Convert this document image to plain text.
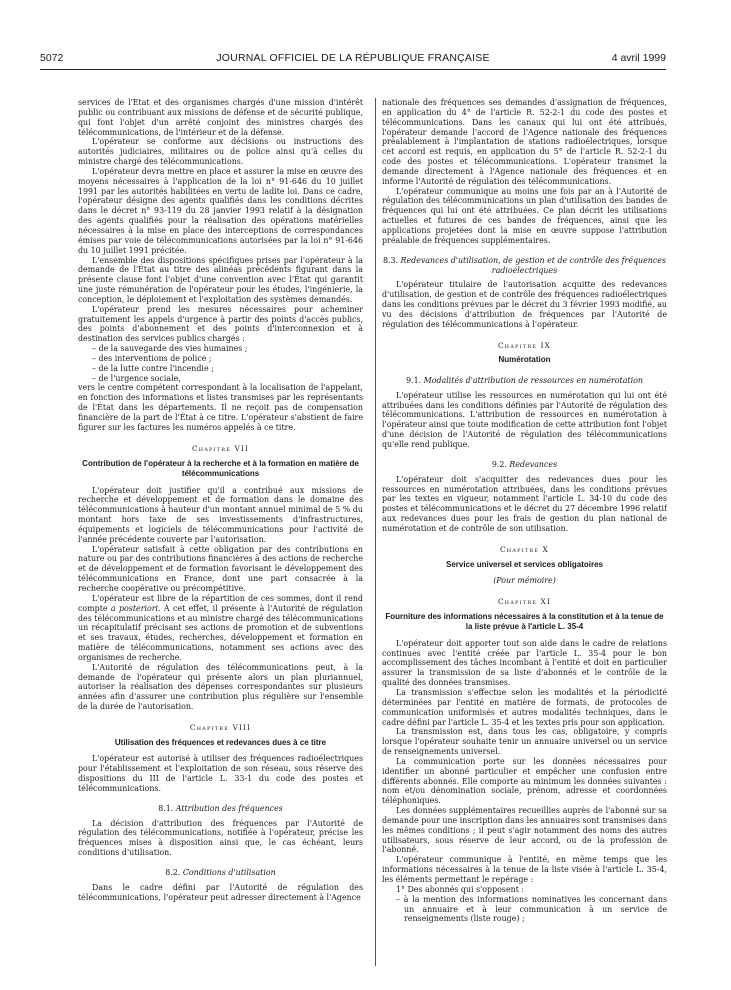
5072	JOURNAL OFFICIEL DE LA RÉPUBLIQUE FRANÇAISE	4 avril 1999

services de l'État et des organismes chargés d'une mission d'intérêt public ou contribuant aux missions de défense et de sécurité publique, qui font l'objet d'un arrêté conjoint des ministres chargés des télécommunications, de l'intérieur et de la défense.

L'opérateur se conforme aux décisions ou instructions des autorités judiciaires, militaires ou de police ainsi qu'à celles du ministre chargé des télécommunications.

L'opérateur devra mettre en place et assurer la mise en œuvre des moyens nécessaires à l'application de la loi n° 91-646 du 10 juillet 1991 par les autorités habilitées en vertu de ladite loi. Dans ce cadre, l'opérateur désigne des agents qualifiés dans les conditions décrites dans le décret n° 93-119 du 28 janvier 1993 relatif à la désignation des agents qualifiés pour la réalisation des opérations matérielles nécessaires à la mise en place des interceptions de correspondances émises par voie de télécommunications autorisées par la loi n° 91-646 du 10 juillet 1991 précitée.

L'ensemble des dispositions spécifiques prises par l'opérateur à la demande de l'État au titre des alinéas précédents figurant dans la présente clause font l'objet d'une convention avec l'État qui garantit une juste rémunération de l'opérateur pour les études, l'ingénierie, la conception, le déploiement et l'exploitation des systèmes demandés.

L'opérateur prend les mesures nécessaires pour acheminer gratuitement les appels d'urgence à partir des points d'accès publics, des points d'abonnement et des points d'interconnexion et à destination des services publics chargés :

– de la sauvegarde des vies humaines ;
– des interventions de police ;
– de la lutte contre l'incendie ;
– de l'urgence sociale,

vers le centre compétent correspondant à la localisation de l'appelant, en fonction des informations et listes transmises par les représentants de l'État dans les départements. Il ne reçoit pas de compensation financière de la part de l'État à ce titre. L'opérateur s'abstient de faire figurer sur les factures les numéros appelés à ce titre.

Chapitre VII
Contribution de l'opérateur à la recherche et à la formation en matière de télécommunications

L'opérateur doit justifier qu'il a contribué aux missions de recherche et développement et de formation dans le domaine des télécommunications à hauteur d'un montant annuel minimal de 5 % du montant hors taxe de ses investissements d'infrastructures, équipements et logiciels de télécommunications pour l'activité de l'année précédente couverte par l'autorisation.

L'opérateur satisfait à cette obligation par des contributions en nature ou par des contributions financières à des actions de recherche et de développement et de formation favorisant le développement des télécommunications en France, dont une part consacrée à la recherche coopérative ou précompétitive.

L'opérateur est libre de la répartition de ces sommes, dont il rend compte a posteriori. À cet effet, il présente à l'Autorité de régulation des télécommunications et au ministre chargé des télécommunications un récapitulatif précisant ses actions de promotion et de subventions et ses travaux, études, recherches, développement et formation en matière de télécommunications, notamment ses actions avec des organismes de recherche.

L'Autorité de régulation des télécommunications peut, à la demande de l'opérateur qui présente alors un plan pluriannuel, autoriser la réalisation des dépenses correspondantes sur plusieurs années afin d'assurer une contribution plus régulière sur l'ensemble de la durée de l'autorisation.

Chapitre VIII
Utilisation des fréquences et redevances dues à ce titre

L'opérateur est autorisé à utiliser des fréquences radioélectriques pour l'établissement et l'exploitation de son réseau, sous réserve des dispositions du III de l'article L. 33-1 du code des postes et télécommunications.

8.1. Attribution des fréquences

La décision d'attribution des fréquences par l'Autorité de régulation des télécommunications, notifiée à l'opérateur, précise les fréquences mises à disposition ainsi que, le cas échéant, leurs conditions d'utilisation.

8.2. Conditions d'utilisation

Dans le cadre défini par l'Autorité de régulation des télécommunications, l'opérateur peut adresser directement à l'Agence

nationale des fréquences ses demandes d'assignation de fréquences, en application du 4° de l'article R. 52-2-1 du code des postes et télécommunications. Dans les canaux qui lui ont été attribués, l'opérateur demande l'accord de l'Agence nationale des fréquences préalablement à l'implantation de stations radioélectriques, lorsque cet accord est requis, en application du 5° de l'article R. 52-2-1 du code des postes et télécommunications. L'opérateur transmet la demande directement à l'Agence nationale des fréquences et en informe l'Autorité de régulation des télécommunications.

L'opérateur communique au moins une fois par an à l'Autorité de régulation des télécommunications un plan d'utilisation des bandes de fréquences qui lui ont été attribuées. Ce plan décrit les utilisations actuelles et futures de ces bandes de fréquences, ainsi que les applications projetées dont la mise en œuvre suppose l'attribution préalable de fréquences supplémentaires.

8.3. Redevances d'utilisation, de gestion et de contrôle des fréquences radioélectriques

L'opérateur titulaire de l'autorisation acquitte des redevances d'utilisation, de gestion et de contrôle des fréquences radioélectriques dans les conditions prévues par le décret du 3 février 1993 modifié, au vu des décisions d'attribution de fréquences par l'Autorité de régulation des télécommunications à l'opérateur.

Chapitre IX
Numérotation
9.1. Modalités d'attribution de ressources en numérotation

L'opérateur utilise les ressources en numérotation qui lui ont été attribuées dans les conditions définies par l'Autorité de régulation des télécommunications. L'attribution de ressources en numérotation à l'opérateur ainsi que toute modification de cette attribution font l'objet d'une décision de l'Autorité de régulation des télécommunications qu'elle rend publique.

9.2. Redevances

L'opérateur doit s'acquitter des redevances dues pour les ressources en numérotation attribuées, dans les conditions prévues par les textes en vigueur, notamment l'article L. 34-10 du code des postes et télécommunications et le décret du 27 décembre 1996 relatif aux redevances dues pour les frais de gestion du plan national de numérotation et de contrôle de son utilisation.

Chapitre X
Service universel et services obligatoires
(Pour mémoire)
Chapitre XI
Fourniture des informations nécessaires à la constitution et à la tenue de la liste prévue à l'article L. 35-4

L'opérateur doit apporter tout son aide dans le cadre de relations continues avec l'entité créée par l'article L. 35-4 pour le bon accomplissement des tâches incombant à l'entité et doit en particulier assurer la transmission de sa liste d'abonnés et le contrôle de la qualité des données transmises.

La transmission s'effectue selon les modalités et la périodicité déterminées par l'entité en matière de formats, de protocoles de communication uniformisés et autres modalités techniques, dans le cadre défini par l'article L. 35-4 et les textes pris pour son application.

La transmission est, dans tous les cas, obligatoire, y compris lorsque l'opérateur souhaite tenir un annuaire universel ou un service de renseignements universel.

La communication porte sur les données nécessaires pour identifier un abonné particulier et empêcher une confusion entre différents abonnés. Elle comporte au minimum les données suivantes : nom et/ou dénomination sociale, prénom, adresse et coordonnées téléphoniques.

Les données supplémentaires recueillies auprès de l'abonné sur sa demande pour une inscription dans les annuaires sont transmises dans les mêmes conditions ; il peut s'agir notamment des noms des autres utilisateurs, sous réserve de leur accord, ou de la profession de l'abonné.

L'opérateur communique à l'entité, en même temps que les informations nécessaires à la tenue de la liste visée à l'article L. 35-4, les éléments permettant le repérage :

1° Des abonnés qui s'opposent :

– à la mention des informations nominatives les concernant dans un annuaire et à leur communication à un service de renseignements (liste rouge) ;
